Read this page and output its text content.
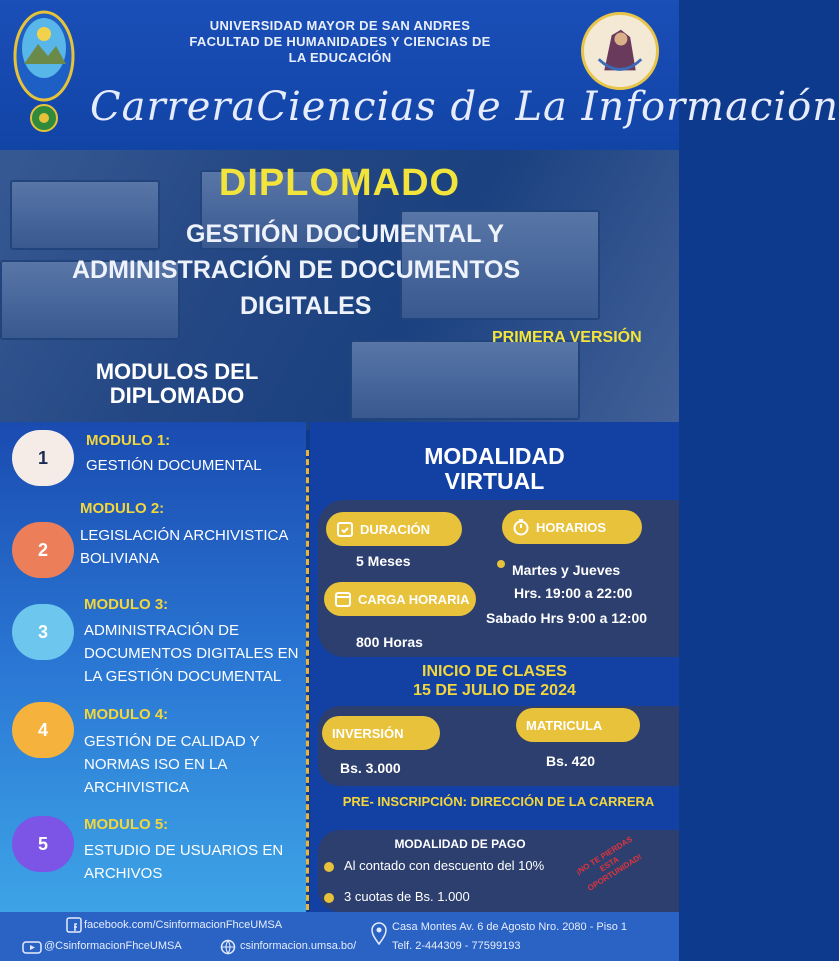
UNIVERSIDAD MAYOR DE SAN ANDRES
FACULTAD DE HUMANIDADES Y CIENCIAS DE
LA EDUCACIÓN
CarreraCiencias de La Información
DIPLOMADO
GESTIÓN DOCUMENTAL Y
ADMINISTRACIÓN DE DOCUMENTOS
DIGITALES
PRIMERA VERSIÓN
MODULOS DEL
DIPLOMADO
1
MODULO 1:
GESTIÓN DOCUMENTAL
2
MODULO 2:
LEGISLACIÓN ARCHIVISTICA BOLIVIANA
3
MODULO 3:
ADMINISTRACIÓN DE DOCUMENTOS DIGITALES EN LA GESTIÓN DOCUMENTAL
4
MODULO 4:
GESTIÓN DE CALIDAD Y NORMAS ISO EN LA ARCHIVISTICA
5
MODULO 5:
ESTUDIO DE USUARIOS EN ARCHIVOS
MODALIDAD
VIRTUAL
DURACIÓN
5 Meses
HORARIOS
Martes y Jueves
Hrs. 19:00 a 22:00
Sabado Hrs 9:00 a 12:00
CARGA HORARIA
800 Horas
INICIO DE CLASES
15 DE JULIO DE 2024
INVERSIÓN
Bs. 3.000
MATRICULA
Bs. 420
PRE- INSCRIPCIÓN: DIRECCIÓN DE LA CARRERA
MODALIDAD DE PAGO
Al contado con descuento del 10%
3 cuotas de Bs. 1.000
¡NO TE PIERDAS ESTA OPORTUNIDAD!
facebook.com/CsinformacionFhceUMSA
@CsinformacionFhceUMSA	csinformacion.umsa.bo/
Casa Montes Av. 6 de Agosto Nro. 2080 - Piso 1
Telf. 2-444309 - 77599193
